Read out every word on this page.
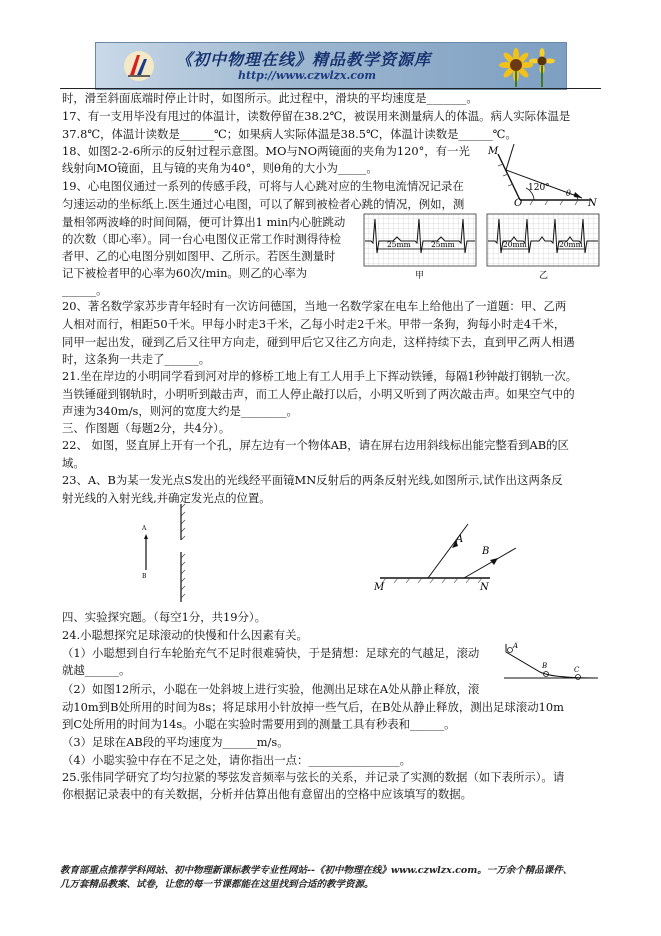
《初中物理在线》精品教学资源库
http://www.czwlzx.com
时，滑至斜面底端时停止计时，如图所示。此过程中，滑块的平均速度是_______。
17、有一支用毕没有甩过的体温计，读数停留在38.2℃，被误用来测量病人的体温。病人实际体温是
37.8℃，体温计读数是______℃；如果病人实际体温是38.5℃，体温计读数是______℃。
18、如图2-2-6所示的反射过程示意图。MO与NO两镜面的夹角为120°，有一光
线射向MO镜面，且与镜的夹角为40°，则θ角的大小为_____。
19、心电图仪通过一系列的传感手段，可将与人心跳对应的生物电流情况记录在
匀速运动的坐标纸上.医生通过心电图，可以了解到被检者心跳的情况，例如，测
量相邻两波峰的时间间隔，便可计算出1 min内心脏跳动
的次数（即心率）。同一台心电图仪正常工作时测得待检
者甲、乙的心电图分别如图甲、乙所示。若医生测量时
记下被检者甲的心率为60次/min。则乙的心率为
______。
20、著名数学家苏步青年轻时有一次访问德国，当地一名数学家在电车上给他出了一道题：甲、乙两
人相对而行，相距50千米。甲每小时走3千米，乙每小时走2千米。甲带一条狗，狗每小时走4千米，
同甲一起出发，碰到乙后又往甲方向走，碰到甲后它又往乙方向走，这样持续下去，直到甲乙两人相遇
时，这条狗一共走了______。
21.坐在岸边的小明同学看到河对岸的修桥工地上有工人用手上下挥动铁锤，每隔1秒钟敲打钢轨一次。
当铁锤碰到钢轨时，小明听到敲击声，而工人停止敲打以后，小明又听到了两次敲击声。如果空气中的
声速为340m/s，则河的宽度大约是________。
三、作图题（每题2分，共4分）。
22、 如图，竖直屏上开有一个孔，屏左边有一个物体AB，请在屏右边用斜线标出能完整看到AB的区
域。
23、A、B为某一发光点S发出的光线经平面镜MN反射后的两条反射光线,如图所示,试作出这两条反
射光线的入射光线,并确定发光点的位置。
四、实验探究题。（每空1分，共19分）。
24.小聪想探究足球滚动的快慢和什么因素有关。
（1）小聪想到自行车轮胎充气不足时很难骑快，于是猜想：足球充的气越足，滚动
就越______。
（2）如图12所示，小聪在一处斜坡上进行实验，他测出足球在A处从静止释放，滚
动10m到B处所用的时间为8s；将足球用小针放掉一些气后，在B处从静止释放，测出足球滚动10m
到C处所用的时间为14s。小聪在实验时需要用到的测量工具有秒表和______。
（3）足球在AB段的平均速度为______m/s。
（4）小聪实验中存在不足之处，请你指出一点：________________。
25.张伟同学研究了均匀拉紧的琴弦发音频率与弦长的关系，并记录了实测的数据（如下表所示）。请
你根据记录表中的有关数据，分析并估算出他有意留出的空格中应该填写的数据。
M
O	N
120°
θ
25mm	25mm	20mm	20mm
甲	乙
A
B
A
B
M	N
A
B	C
教育部重点推荐学科网站、初中物理新课标教学专业性网站--《初中物理在线》www.czwlzx.com。一万余个精品课件、
几万套精品教案、试卷，让您的每一节课都能在这里找到合适的教学资源。
